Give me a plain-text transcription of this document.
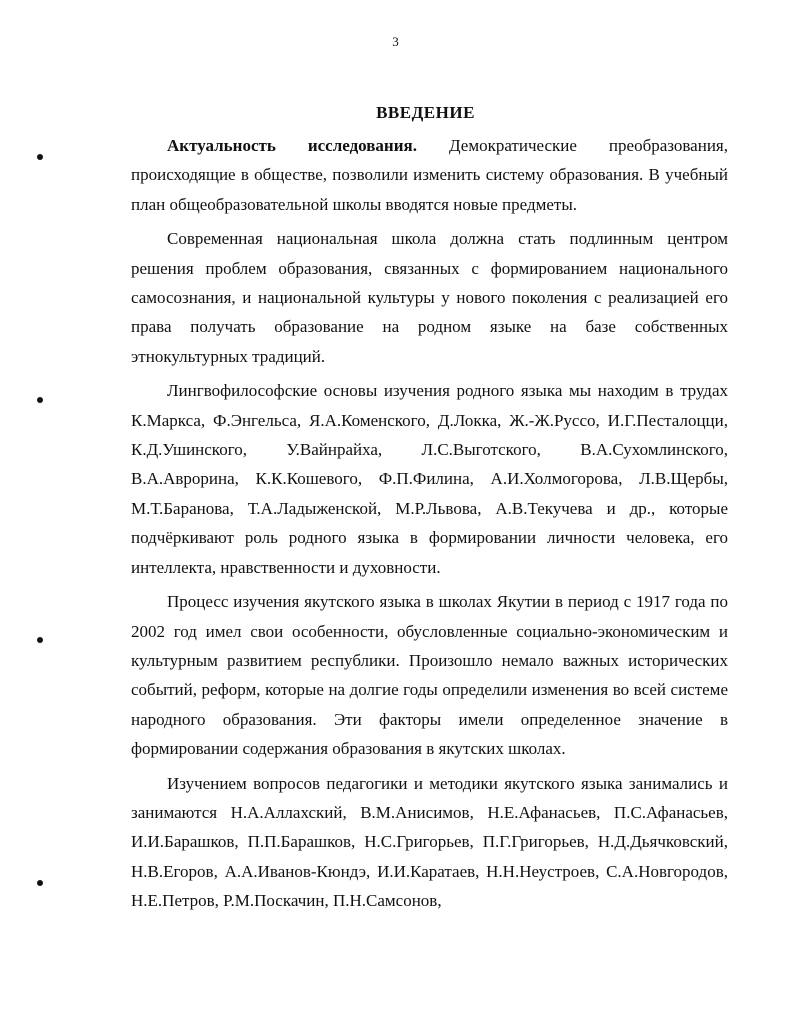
3
ВВЕДЕНИЕ

Актуальность исследования. Демократические преобразования, происходящие в обществе, позволили изменить систему образования. В учебный план общеобразовательной школы вводятся новые предметы.

Современная национальная школа должна стать подлинным центром решения проблем образования, связанных с формированием национального самосознания, и национальной культуры у нового поколения с реализацией его права получать образование на родном языке на базе собственных этнокультурных традиций.

Лингвофилософские основы изучения родного языка мы находим в трудах К.Маркса, Ф.Энгельса, Я.А.Коменского, Д.Локка, Ж.-Ж.Руссо, И.Г.Песталоцци, К.Д.Ушинского, У.Вайнрайха, Л.С.Выготского, В.А.Сухомлинского, В.А.Аврорина, К.К.Кошевого, Ф.П.Филина, А.И.Холмогорова, Л.В.Щербы, М.Т.Баранова, Т.А.Ладыженской, М.Р.Львова, А.В.Текучева и др., которые подчёркивают роль родного языка в формировании личности человека, его интеллекта, нравственности и духовности.

Процесс изучения якутского языка в школах Якутии в период с 1917 года по 2002 год имел свои особенности, обусловленные социально-экономическим и культурным развитием республики. Произошло немало важных исторических событий, реформ, которые на долгие годы определили изменения во всей системе народного образования. Эти факторы имели определенное значение в формировании содержания образования в якутских школах.

Изучением вопросов педагогики и методики якутского языка занимались и занимаются Н.А.Аллахский, В.М.Анисимов, Н.Е.Афанасьев, П.С.Афанасьев, И.И.Барашков, П.П.Барашков, Н.С.Григорьев, П.Г.Григорьев, Н.Д.Дьячковский, Н.В.Егоров, А.А.Иванов-Кюндэ, И.И.Каратаев, Н.Н.Неустроев, С.А.Новгородов, Н.Е.Петров, Р.М.Поскачин, П.Н.Самсонов,
